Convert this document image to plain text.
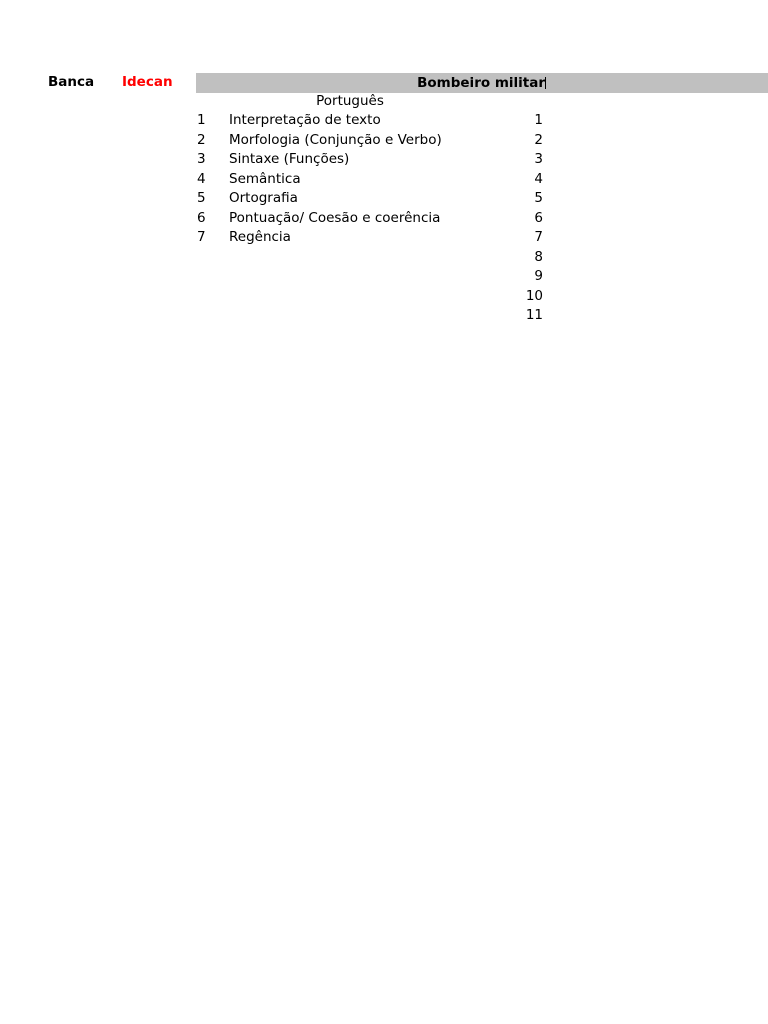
Banca Idecan	Bombeiro militar
Português
1 Interpretação de texto
2 Morfologia (Conjunção e Verbo)
3 Sintaxe (Funções)
4 Semântica
5 Ortografia
6 Pontuação/ Coesão e coerência
7 Regência
1
2
3
4
5
6
7
8
9
10
11
